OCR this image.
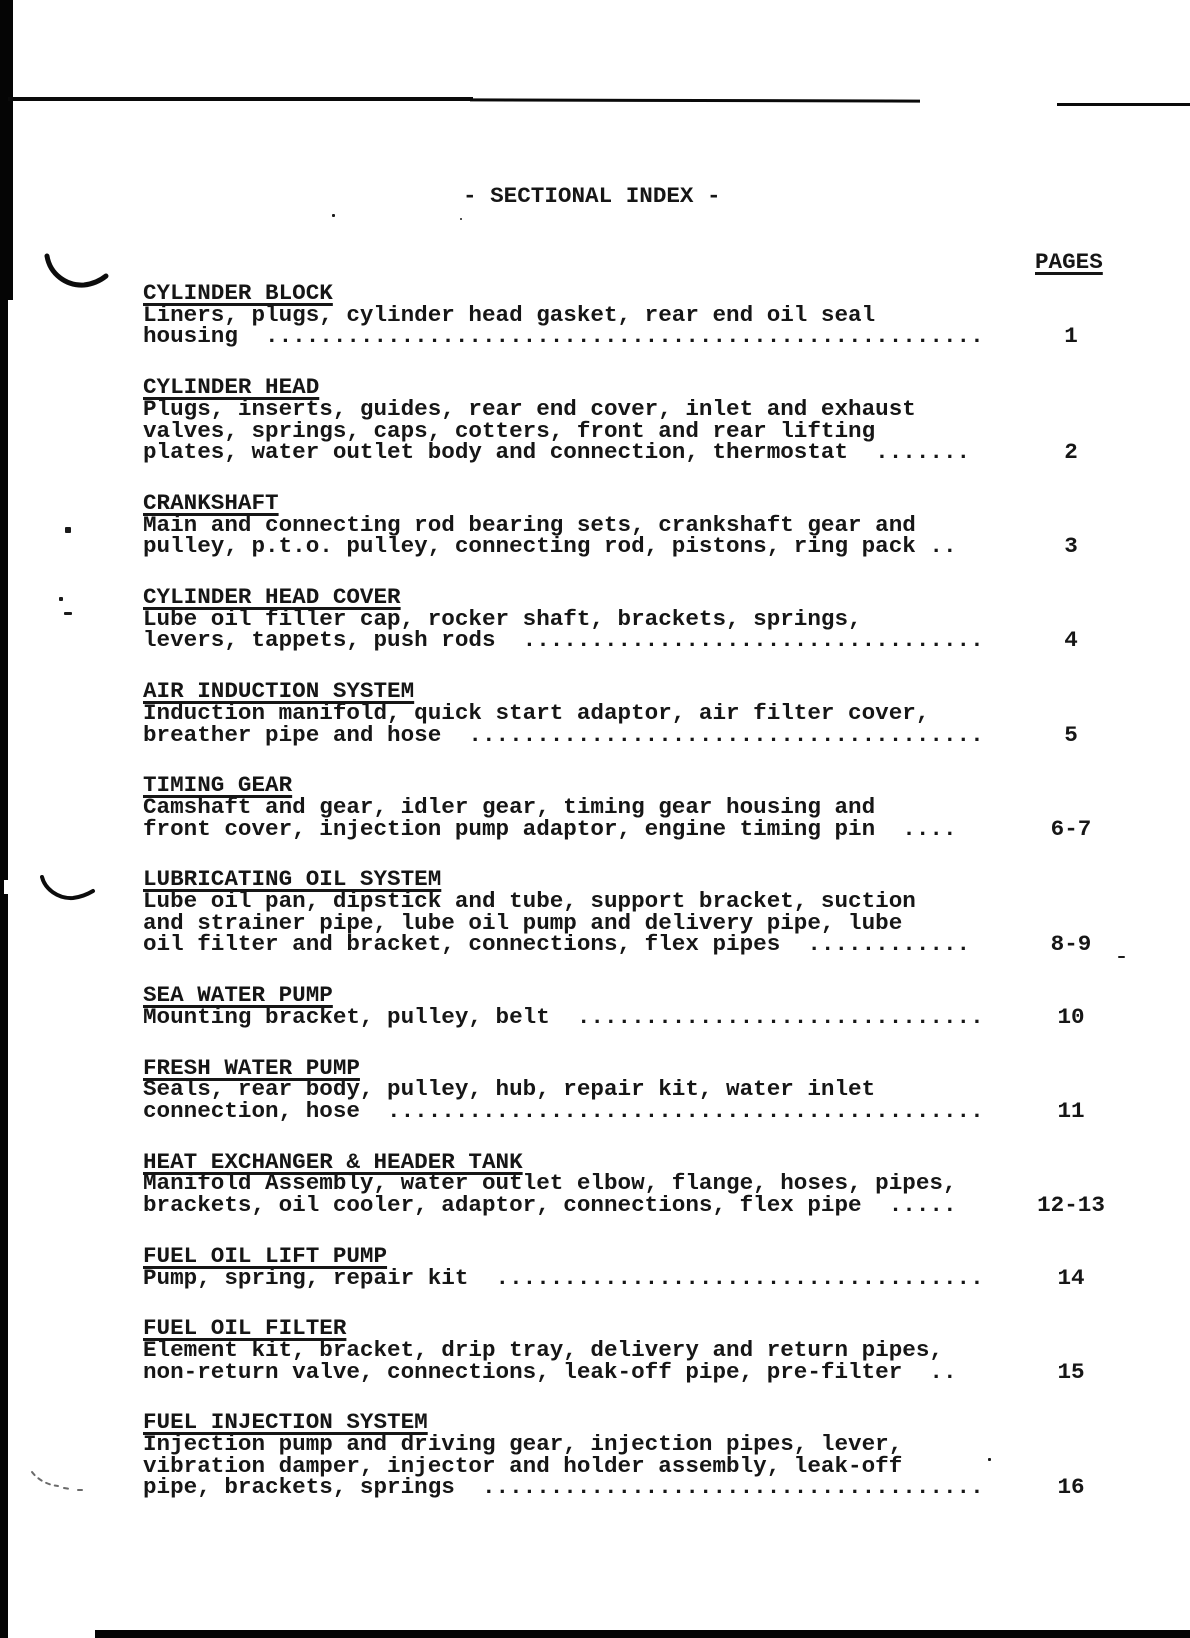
- SECTIONAL INDEX -
PAGES
CYLINDER BLOCK
1
Liners, plugs, cylinder head gasket, rear end oil seal
housing  .....................................................
CYLINDER HEAD
2
Plugs, inserts, guides, rear end cover, inlet and exhaust
valves, springs, caps, cotters, front and rear lifting
plates, water outlet body and connection, thermostat  .......
CRANKSHAFT
3
Main and connecting rod bearing sets, crankshaft gear and
pulley, p.t.o. pulley, connecting rod, pistons, ring pack ..
CYLINDER HEAD COVER
4
Lube oil filler cap, rocker shaft, brackets, springs,
levers, tappets, push rods  ..................................
AIR INDUCTION SYSTEM
5
Induction manifold, quick start adaptor, air filter cover,
breather pipe and hose  ......................................
TIMING GEAR
6-7
Camshaft and gear, idler gear, timing gear housing and
front cover, injection pump adaptor, engine timing pin  ....
LUBRICATING OIL SYSTEM
8-9
Lube oil pan, dipstick and tube, support bracket, suction
and strainer pipe, lube oil pump and delivery pipe, lube
oil filter and bracket, connections, flex pipes  ............
SEA WATER PUMP
10
Mounting bracket, pulley, belt  ..............................
FRESH WATER PUMP
11
Seals, rear body, pulley, hub, repair kit, water inlet
connection, hose  ............................................
HEAT EXCHANGER & HEADER TANK
12-13
Manifold Assembly, water outlet elbow, flange, hoses, pipes,
brackets, oil cooler, adaptor, connections, flex pipe  .....
FUEL OIL LIFT PUMP
14
Pump, spring, repair kit  ....................................
FUEL OIL FILTER
15
Element kit, bracket, drip tray, delivery and return pipes,
non-return valve, connections, leak-off pipe, pre-filter  ..
FUEL INJECTION SYSTEM
16
Injection pump and driving gear, injection pipes, lever,
vibration damper, injector and holder assembly, leak-off
pipe, brackets, springs  .....................................
